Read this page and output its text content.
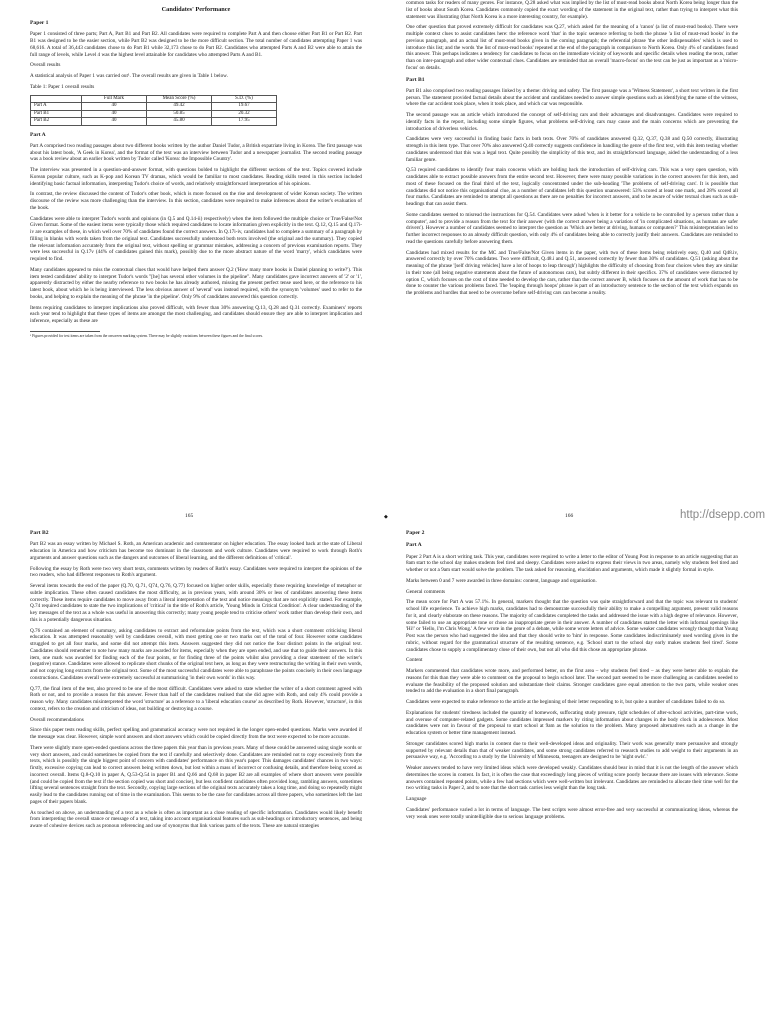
Candidates' Performance
Paper 1

Paper 1 consisted of three parts; Part A, Part B1 and Part B2. All candidates were required to complete Part A and then choose either Part B1 or Part B2. Part B1 was designed to be the easier section, while Part B2 was designed to be the more difficult section. The total number of candidates attempting Paper 1 was 68,616. A total of 36,443 candidates chose to do Part B1 while 32,173 chose to do Part B2. Candidates who attempted Parts A and B2 were able to attain the full range of levels, while Level 4 was the highest level attainable for candidates who attempted Parts A and B1.

Overall results

A statistical analysis of Paper 1 was carried out¹. The overall results are given in Table 1 below.

Table 1: Paper 1 overall results

	Full Mark	Mean Score (%)	S.D. (%)
Part A	40	49.42	19.67
Part B1	40	50.85	20.32
Part B2	40	45.80	17.95
Part A

Part A comprised two reading passages about two different books written by the author Daniel Tudor, a British expatriate living in Korea. The first passage was about his latest book, 'A Geek in Korea', and the format of the text was an interview between Tudor and a newspaper journalist. The second reading passage was a book review about an earlier book written by Tudor called 'Korea: the Impossible Country'.

The interview was presented in a question-and-answer format, with questions bolded to highlight the different sections of the text. Topics covered include Korean popular culture, such as K-pop and Korean TV dramas, which would be familiar to most candidates. Reading skills tested in this section included identifying basic factual information, interpreting Tudor's choice of words, and relatively straightforward interpretation of his opinions.

In contrast, the review discussed the content of Tudor's other book, which is more focused on the rise and development of wider Korean society. The written discourse of the review was more challenging than the interview. In this section, candidates were required to make inferences about the writer's evaluation of the book.

Candidates were able to interpret Tudor's words and opinions (in Q.5 and Q.14-ii) respectively) when the item followed the multiple choice or True/False/Not Given format. Some of the easiest items were typically those which required candidates to locate information given explicitly in the text. Q.12, Q.15 and Q.17i-iv are examples of these, in which well over 70% of candidates found the correct answers. In Q.17i-iv, candidates had to complete a summary of a paragraph by filling in blanks with words taken from the original text. Candidates successfully understood both texts involved (the original and the summary). They copied the relevant information accurately from the original text, without spelling or grammar mistakes, addressing a concern of previous examination reports. They were less successful in Q.17v (44% of candidates gained this mark), possibly due to the more abstract nature of the word 'marry', which candidates were required to find.

Many candidates appeared to miss the contextual clues that would have helped them answer Q.2 ('How many more books is Daniel planning to write?'). This item tested candidates' ability to interpret Tudor's words "[he] has several other volumes in the pipeline". Many candidates gave incorrect answers of '2' or '1', apparently distracted by either the nearby reference to two books he has already authored, missing the present perfect tense used here, or the reference to his latest book, about which he is being interviewed. The less obvious answer of 'several' was instead required, with the synonym 'volumes' used to refer to the books, and helping to explain the meaning of the phrase 'in the pipeline'. Only 9% of candidates answered this question correctly.

Items requiring candidates to interpret implications also proved difficult, with fewer than 30% answering Q.13, Q.28 and Q.31 correctly. Examiners' reports each year tend to highlight that these types of items are amongst the most challenging, and candidates should ensure they are able to interpret implication and inference, especially as these are

¹ Figures provided for test items are taken from the onscreen marking system. There may be slightly variations between these figures and the final scores.

common tasks for readers of many genres. For instance, Q.28 asked what was implied by the list of must-read books about North Korea being longer than the list of books about South Korea. Candidates commonly copied the exact wording of the statement in the original text, rather than trying to interpret what this statement was illustrating (that North Korea is a more interesting country, for example).

One other question that proved extremely difficult for candidates was Q.27, which asked for the meaning of a 'canon' (a list of must-read books). There were multiple context clues to assist candidates here: the reference word 'that' in the topic sentence referring to both the phrase 'a list of must-read books' in the previous paragraph, and an actual list of must-read books given in the coming paragraph; the referential phrase 'the other indispensables' which is used to introduce this list; and the words 'the list of must-read books' repeated at the end of the paragraph in comparison to North Korea. Only 4% of candidates found this answer. This perhaps indicates a tendency for candidates to focus on the immediate vicinity of keywords and specific details when reading the texts, rather than on inter-paragraph and other wider contextual clues. Candidates are reminded that an overall 'macro-focus' on the text can be just as important as a 'micro-focus' on details.

Part B1

Part B1 also comprised two reading passages linked by a theme: driving and safety. The first passage was a 'Witness Statement', a short text written in the first person. The statement provided factual details about the accident and candidates needed to answer simple questions such as identifying the name of the witness, where the car accident took place, when it took place, and which car was responsible.

The second passage was an article which introduced the concept of self-driving cars and their advantages and disadvantages. Candidates were required to identify facts in the report, including some simple figures, what problems self-driving cars may cause and the main concerns which are preventing the introduction of driverless vehicles.

Candidates were very successful in finding basic facts in both texts. Over 70% of candidates answered Q.32, Q.37, Q.38 and Q.50 correctly, illustrating strength in this item type. That over 70% also answered Q.40 correctly suggests confidence in handling the genre of the first text, with this item testing whether candidates understood that this was a legal text. Quite possibly the simplicity of this text, and its straightforward language, aided the understanding of a less familiar genre.

Q.53 required candidates to identify four main concerns which are holding back the introduction of self-driving cars. This was a very open question, with candidates able to extract possible answers from the entire second text. However, there were many possible variations in the correct answers for this item, and most of these focused on the final third of the text, logically concentrated under the sub-heading 'The problems of self-driving cars'. It is possible that candidates did not notice this organisational clue, as a number of candidates left this question unanswered: 53% scored at least one mark, and 28% scored all four marks. Candidates are reminded to attempt all questions as there are no penalties for incorrect answers, and to be aware of wider textual clues such as sub-headings that can assist them.

Some candidates seemed to misread the instructions for Q.54. Candidates were asked 'when is it better for a vehicle to be controlled by a person rather than a computer', and to provide a reason from the text for their answer (with the correct answer being a variation of 'in complicated situations, as humans are safer drivers'). However a number of candidates seemed to interpret the question as 'Which are better at driving, humans or computers?' This misinterpretation led to further incorrect responses to an already difficult question, with only 4% of candidates being able to correctly justify their answers. Candidates are reminded to read the questions carefully before answering them.

Candidates had mixed results for the MC and True/False/Not Given items in the paper, with two of these items being relatively easy, Q.40 and Q48.iv, answered correctly by over 70% candidates. Two were difficult, Q.48.i and Q.51, answered correctly by fewer than 30% of candidates. Q.51 (asking about the meaning of the phrase '[self driving vehicles] have a lot of hoops to leap through') highlights the difficulty of choosing from four choices when they are similar in their tone (all being negative statements about the future of autonomous cars), but subtly different in their specifics. 37% of candidates were distracted by option C, which focuses on the cost of time needed to develop the cars, rather than the correct answer B, which focuses on the amount of work that has to be done to counter the various problems faced. The 'leaping through hoops' phrase is part of an introductory sentence to the section of the text which expands on the problems and hurdles that need to be overcome before self-driving cars can become a reality.

165	◆	166	http://dsepp.com
Part B2

Part B2 was an essay written by Michael S. Roth, an American academic and commentator on higher education. The essay looked back at the state of Liberal education in America and how criticism has become too dominant in the classroom and work culture. Candidates were required to work through Roth's arguments and answer questions such as the dangers and outcomes of liberal learning, and the different definitions of 'critical'.

Following the essay by Roth were two very short texts, comments written by readers of Roth's essay. Candidates were required to interpret the opinions of the two readers, who had different responses to Roth's argument.

Several items towards the end of the paper (Q.70, Q.71, Q74, Q.76, Q.77) focused on higher order skills, especially those requiring knowledge of metaphor or subtle implication. These often caused candidates the most difficulty, as in previous years, with around 30% or less of candidates answering these items correctly. These items require candidates to move away from a literal interpretation of the text and notice meanings that are not explicitly stated. For example, Q.74 required candidates to state the two implications of 'critical' in the title of Roth's article, 'Young Minds in Critical Condition'. A clear understanding of the key messages of the text as a whole was useful in answering this correctly; many young people tend to criticise others' work rather than develop their own, and this is a potentially dangerous situation.

Q.76 contained an element of summary, asking candidates to extract and reformulate points from the text, which was a short comment criticising liberal education. It was attempted reasonably well by candidates overall, with most getting one or two marks out of the total of four. However some candidates struggled to get all four marks, and some did not attempt this item. Answers suggested they did not notice the four distinct points in the original text. Candidates should remember to note how many marks are awarded for items, especially when they are open ended, and use that to guide their answers. In this item, one mark was awarded for finding each of the four points, or for finding three of the points whilst also providing a clear statement of the writer's (negative) stance. Candidates were allowed to replicate short chunks of the original text here, as long as they were restructuring the writing in their own words, and not copying long extracts from the original text. Some of the most successful candidates were able to paraphrase the points concisely in their own language constructions. Candidates overall were extremely successful at summarising 'in their own words' in this way.

Q.77, the final item of the test, also proved to be one of the most difficult. Candidates were asked to state whether the writer of a short comment agreed with Roth or not, and to provide a reason for this answer. Fewer than half of the candidates realised that she did agree with Roth, and only 4% could provide a reason why. Many candidates misinterpreted the word 'structure' as a reference to a 'liberal education course' as described by Roth. However, 'structure', in this context, refers to the creation and criticism of ideas, not building or destroying a course.

Overall recommendations

Since this paper tests reading skills, perfect spelling and grammatical accuracy were not required in the longer open-ended questions. Marks were awarded if the message was clear. However, simple word answers and short answers which could be copied directly from the text were expected to be more accurate.

There were slightly more open-ended questions across the three papers this year than in previous years. Many of these could be answered using single words or very short answers, and could sometimes be copied from the text if carefully and selectively done. Candidates are reminded not to copy excessively from the texts, which is possibly the single biggest point of concern with candidates' performance on this year's paper. This damages candidates' chances in two ways: firstly, excessive copying can lead to correct answers being written down, but lost within a mass of incorrect or confusing details, and therefore being scored as incorrect overall. Items Q.8-Q.10 in paper A, Q.53-Q.54 in paper B1 and Q.66 and Q.68 in paper B2 are all examples of where short answers were possible (and could be copied from the text if the section copied was short and concise), but less confident candidates often provided long, rambling answers, sometimes lifting several sentences straight from the text. Secondly, copying large sections of the original texts accurately takes a long time, and doing so repeatedly might easily lead to the candidates running out of time in the examination. This seems to be the case for candidates across all three papers, who sometimes left the last pages of their papers blank.

As touched on above, an understanding of a text as a whole is often as important as a close reading of specific information. Candidates would likely benefit from interpreting the overall stance or message of a text, taking into account organisational features such as sub-headings or introductory sentences, and being aware of cohesive devices such as pronoun referencing and use of synonyms that link various parts of the texts. These are natural strategies

Paper 2
Part A

Paper 2 Part A is a short writing task. This year, candidates were required to write a letter to the editor of Young Post in response to an article suggesting that an 8am start to the school day makes students feel tired and sleepy. Candidates were asked to express their views in two areas, namely why students feel tired and whether or not a 9am start would solve the problem. The task asked for reasoning, elucidation and arguments, which made it slightly formal in style.

Marks between 0 and 7 were awarded in three domains: content, language and organisation.

General comments

The mean score for Part A was 57.1%. In general, markers thought that the question was quite straightforward and that the topic was relevant to students' school life experience. To achieve high marks, candidates had to demonstrate successfully their ability to make a compelling argument, present valid reasons for it, and clearly elaborate on these reasons. The majority of candidates completed the tasks and addressed the issue with a high degree of relevance. However, some failed to use an appropriate tone or chose an inappropriate genre in their answer. A number of candidates started the letter with informal openings like 'Hi!' or 'Hello, I'm Chris Wong.' A few wrote in the genre of a debate, while some wrote letters of advice. Some weaker candidates wrongly thought that Young Post was the person who had suggested the idea and that they should write to 'him' in response. Some candidates indiscriminately used wording given in the rubric, without regard for the grammatical structure of the resulting sentence, e.g. 'School start to the school day early makes students feel tired'. Some candidates chose to supply a complimentary close of their own, but not all who did this chose an appropriate phrase.

Content

Markers commented that candidates wrote more, and performed better, on the first area – why students feel tired – as they were better able to explain the reasons for this than they were able to comment on the proposal to begin school later. The second part seemed to be more challenging as candidates needed to evaluate the feasibility of the proposed solution and substantiate their claims. Stronger candidates gave equal attention to the two parts, while weaker ones tended to add the evaluation in a short final paragraph.

Candidates were expected to make reference to the article at the beginning of their letter responding to it, but quite a number of candidates failed to do so.

Explanations for students' tiredness included the quantity of homework, suffocating study pressure, tight schedules of after-school activities, part-time work, and overuse of computer-related gadgets. Some candidates impressed markers by citing information about changes in the body clock in adolescence. Most candidates were not in favour of the proposal to start school at 9am as the solution to the problem. Many proposed alternatives such as a change in the education system or better time management instead.

Stronger candidates scored high marks in content due to their well-developed ideas and originality. Their work was generally more persuasive and strongly supported by relevant details than that of weaker candidates, and some strong candidates referred to research studies to add weight to their arguments in an persuasive way, e.g. 'According to a study by the University of Minnesota, teenagers are designed to be 'night owls'.'

Weaker answers tended to have very limited ideas which were developed weakly. Candidates should bear in mind that it is not the length of the answer which determines the scores in content. In fact, it is often the case that exceedingly long pieces of writing score poorly because there are issues with relevance. Some answers contained repeated points, while a few had sections which were well-written but irrelevant. Candidates are reminded to allocate their time well for the two writing tasks in Paper 2, and to note that the short task carries less weight than the long task.

Language

Candidates' performance varied a lot in terms of language. The best scripts were almost error-free and very successful at communicating ideas, whereas the very weak ones were totally unintelligible due to serious language problems.
